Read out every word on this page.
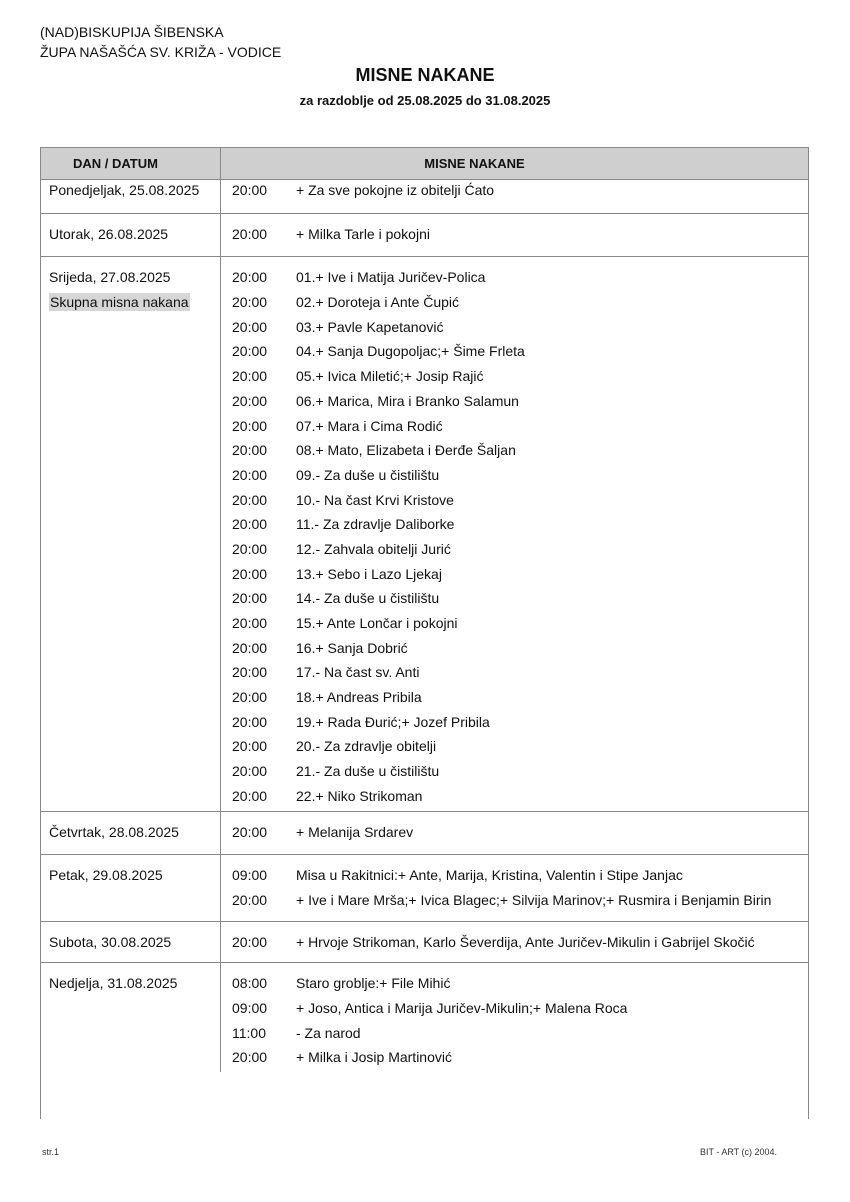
(NAD)BISKUPIJA ŠIBENSKA
ŽUPA NAŠAŠĆA SV. KRIŽA - VODICE
MISNE NAKANE
za razdoblje od 25.08.2025 do 31.08.2025
DAN / DATUM	MISNE NAKANE
Ponedjeljak, 25.08.2025	20:00 + Za sve pokojne iz obitelji Ćato
Utorak, 26.08.2025	20:00 + Milka Tarle i pokojni
Srijeda, 27.08.2025
Skupna misna nakana
20:00 01.+ Ive i Matija Juričev-Polica
20:00 02.+ Doroteja i Ante Čupić
20:00 03.+ Pavle Kapetanović
20:00 04.+ Sanja Dugopoljac;+ Šime Frleta
20:00 05.+ Ivica Miletić;+ Josip Rajić
20:00 06.+ Marica, Mira i Branko Salamun
20:00 07.+ Mara i Cima Rodić
20:00 08.+ Mato, Elizabeta i Đerđe Šaljan
20:00 09.- Za duše u čistilištu
20:00 10.- Na čast Krvi Kristove
20:00 11.- Za zdravlje Daliborke
20:00 12.- Zahvala obitelji Jurić
20:00 13.+ Sebo i Lazo Ljekaj
20:00 14.- Za duše u čistilištu
20:00 15.+ Ante Lončar i pokojni
20:00 16.+ Sanja Dobrić
20:00 17.- Na čast sv. Anti
20:00 18.+ Andreas Pribila
20:00 19.+ Rada Đurić;+ Jozef Pribila
20:00 20.- Za zdravlje obitelji
20:00 21.- Za duše u čistilištu
20:00 22.+ Niko Strikoman
Četvrtak, 28.08.2025	20:00 + Melanija Srdarev
Petak, 29.08.2025	09:00 Misa u Rakitnici:+ Ante, Marija, Kristina, Valentin i Stipe Janjac
20:00 + Ive i Mare Mrša;+ Ivica Blagec;+ Silvija Marinov;+ Rusmira i Benjamin Birin
Subota, 30.08.2025	20:00 + Hrvoje Strikoman, Karlo Ševerdija, Ante Juričev-Mikulin i Gabrijel Skočić
Nedjelja, 31.08.2025	08:00 Staro groblje:+ File Mihić
09:00 + Joso, Antica i Marija Juričev-Mikulin;+ Malena Roca
11:00 - Za narod
20:00 + Milka i Josip Martinović
str.1	BIT - ART (c) 2004.
